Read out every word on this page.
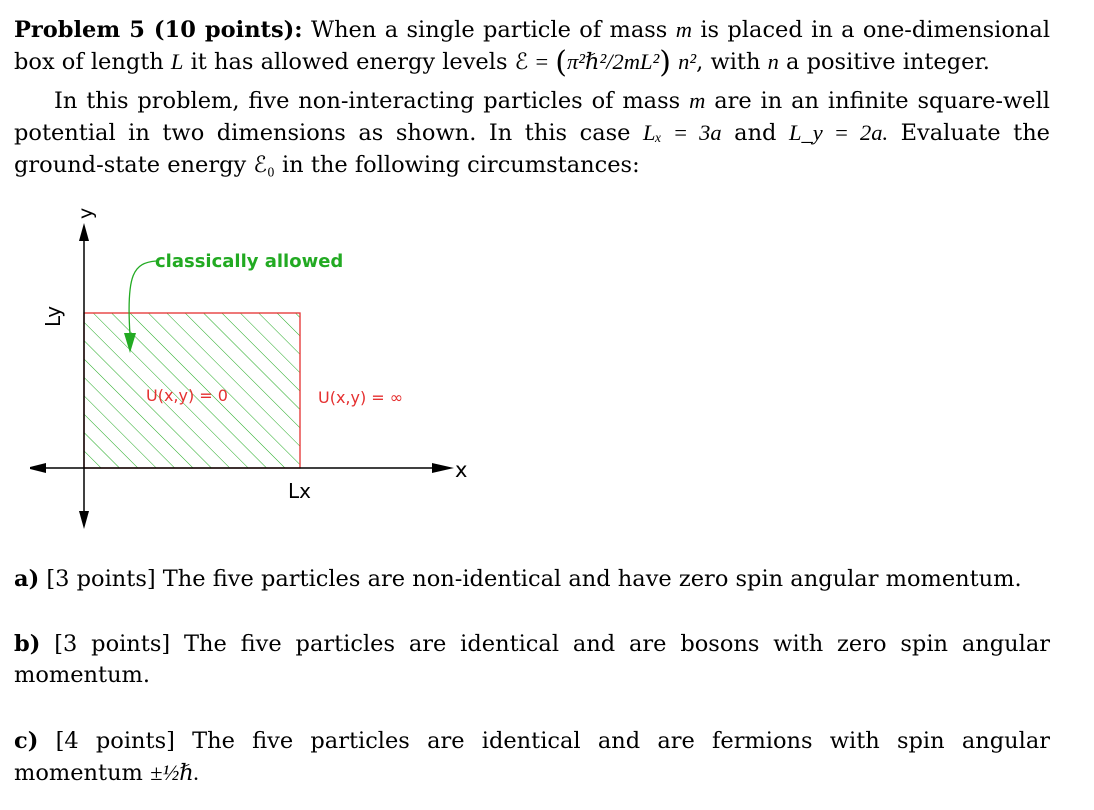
Problem 5 (10 points): When a single particle of mass m is placed in a one-dimensional box of length L it has allowed energy levels ℰ = (π²ℏ²/2mL²) n², with n a positive integer.
In this problem, five non-interacting particles of mass m are in an infinite square-well potential in two dimensions as shown. In this case Lₓ = 3a and L_y = 2a. Evaluate the ground-state energy ℰ₀ in the following circumstances:
y
x
Ly
Lx
classically allowed
U(x,y) = 0	U(x,y) = ∞
a) [3 points] The five particles are non-identical and have zero spin angular momentum.
b) [3 points] The five particles are identical and are bosons with zero spin angular momentum.
c) [4 points] The five particles are identical and are fermions with spin angular momentum ±½ℏ.
